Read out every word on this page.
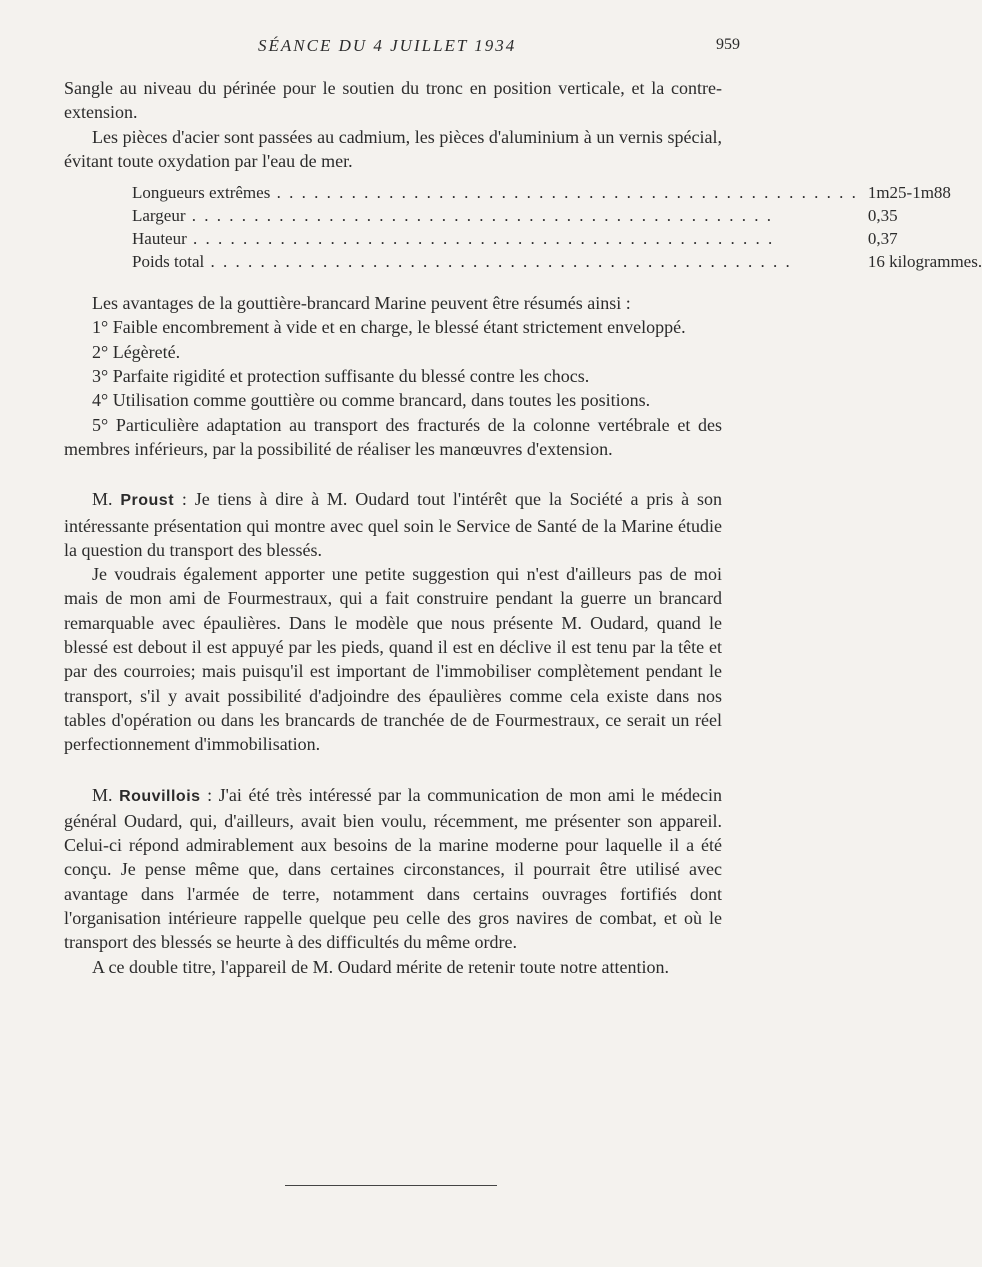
SÉANCE DU 4 JUILLET 1934	959

Sangle au niveau du périnée pour le soutien du tronc en position verticale, et la contre-extension.

Les pièces d'acier sont passées au cadmium, les pièces d'aluminium à un vernis spécial, évitant toute oxydation par l'eau de mer.

Longueurs extrêmes . . .	1m25-1m88
Largeur . . .	0,35
Hauteur . . .	0,37
Poids total . . .	16 kilogrammes.

Les avantages de la gouttière-brancard Marine peuvent être résumés ainsi :

1° Faible encombrement à vide et en charge, le blessé étant strictement enveloppé.

2° Légèreté.

3° Parfaite rigidité et protection suffisante du blessé contre les chocs.

4° Utilisation comme gouttière ou comme brancard, dans toutes les positions.

5° Particulière adaptation au transport des fracturés de la colonne vertébrale et des membres inférieurs, par la possibilité de réaliser les manœuvres d'extension.

M. Proust : Je tiens à dire à M. Oudard tout l'intérêt que la Société a pris à son intéressante présentation qui montre avec quel soin le Service de Santé de la Marine étudie la question du transport des blessés.

Je voudrais également apporter une petite suggestion qui n'est d'ailleurs pas de moi mais de mon ami de Fourmestraux, qui a fait construire pendant la guerre un brancard remarquable avec épaulières. Dans le modèle que nous présente M. Oudard, quand le blessé est debout il est appuyé par les pieds, quand il est en déclive il est tenu par la tête et par des courroies; mais puisqu'il est important de l'immobiliser complètement pendant le transport, s'il y avait possibilité d'adjoindre des épaulières comme cela existe dans nos tables d'opération ou dans les brancards de tranchée de de Fourmestraux, ce serait un réel perfectionnement d'immobilisation.

M. Rouvillois : J'ai été très intéressé par la communication de mon ami le médecin général Oudard, qui, d'ailleurs, avait bien voulu, récemment, me présenter son appareil. Celui-ci répond admirablement aux besoins de la marine moderne pour laquelle il a été conçu. Je pense même que, dans certaines circonstances, il pourrait être utilisé avec avantage dans l'armée de terre, notamment dans certains ouvrages fortifiés dont l'organisation intérieure rappelle quelque peu celle des gros navires de combat, et où le transport des blessés se heurte à des difficultés du même ordre.

A ce double titre, l'appareil de M. Oudard mérite de retenir toute notre attention.
